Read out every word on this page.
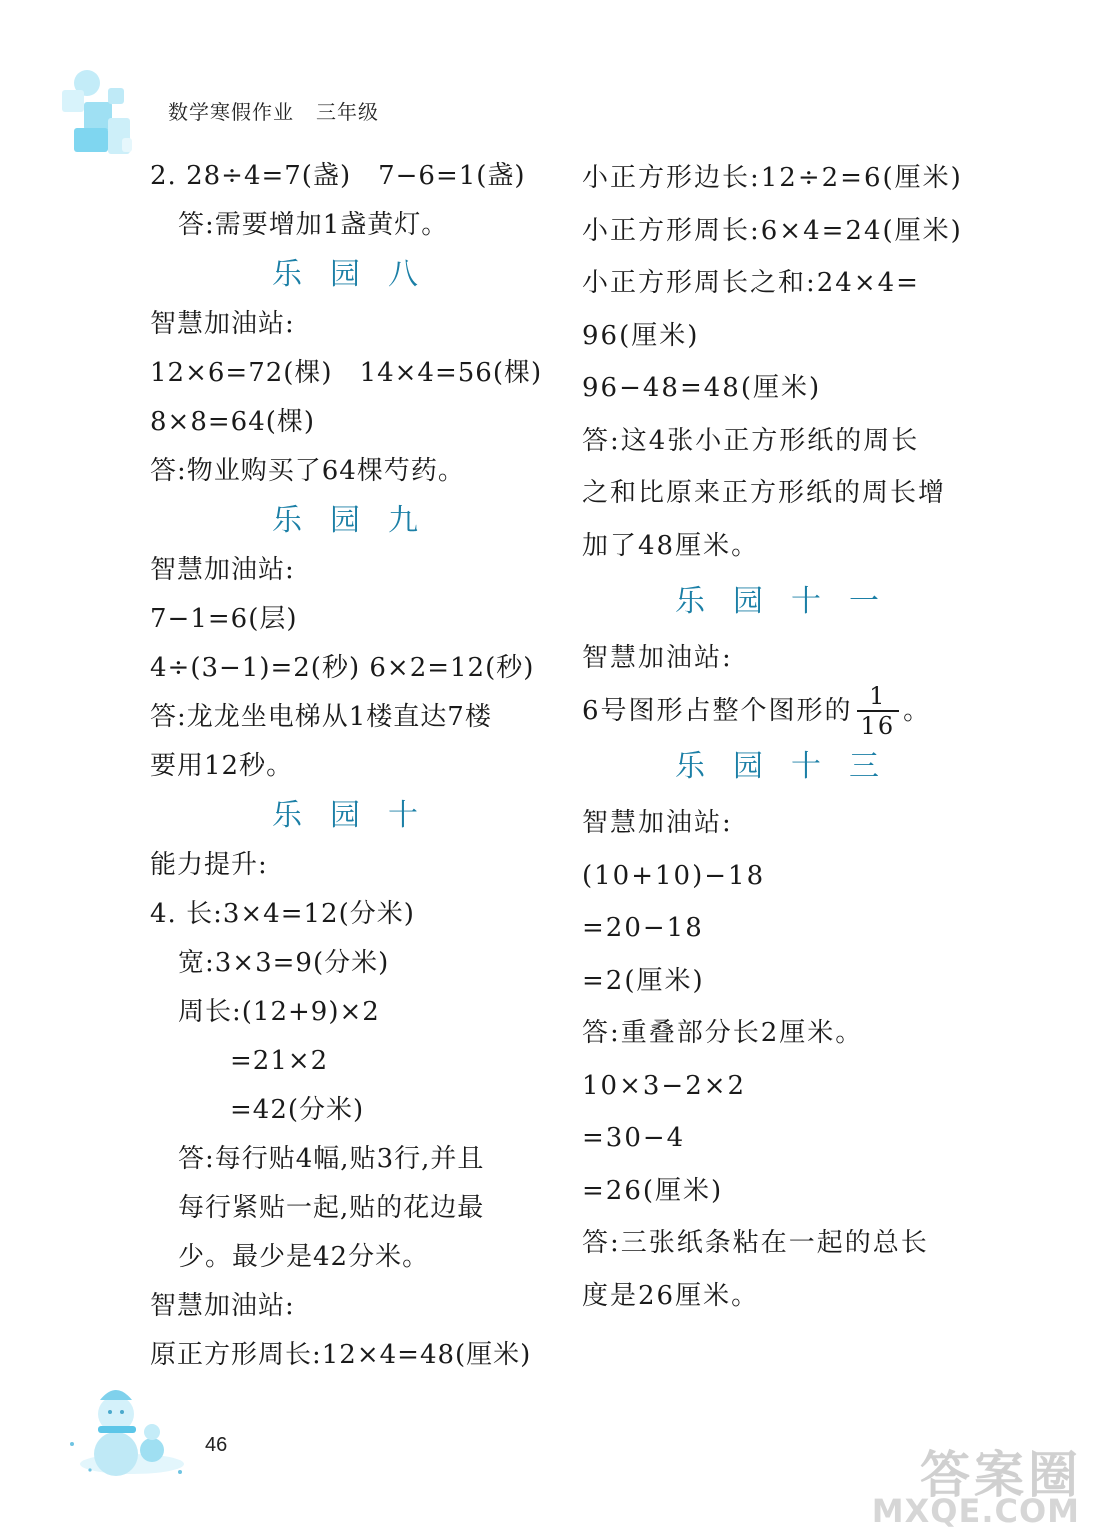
数学寒假作业 三年级
2. 28÷4=7(盏)　7−6=1(盏)
答:需要增加1盏黄灯。
乐园八
智慧加油站:
12×6=72(棵)　14×4=56(棵)
8×8=64(棵)
答:物业购买了64棵芍药。
乐园九
智慧加油站:
7−1=6(层)
4÷(3−1)=2(秒) 6×2=12(秒)
答:龙龙坐电梯从1楼直达7楼
要用12秒。
乐园十
能力提升:
4. 长:3×4=12(分米)
宽:3×3=9(分米)
周长:(12+9)×2
=21×2
=42(分米)
答:每行贴4幅,贴3行,并且
每行紧贴一起,贴的花边最
少。最少是42分米。
智慧加油站:
原正方形周长:12×4=48(厘米)
小正方形边长:12÷2=6(厘米)
小正方形周长:6×4=24(厘米)
小正方形周长之和:24×4=
96(厘米)
96−48=48(厘米)
答:这4张小正方形纸的周长
之和比原来正方形纸的周长增
加了48厘米。
乐园十一
智慧加油站:
6号图形占整个图形的 $\frac{1}{16}$ 。
乐园十三
智慧加油站:
(10+10)−18
=20−18
=2(厘米)
答:重叠部分长2厘米。
10×3−2×2
=30−4
=26(厘米)
答:三张纸条粘在一起的总长
度是26厘米。
46
答案圈
MXQE.COM
